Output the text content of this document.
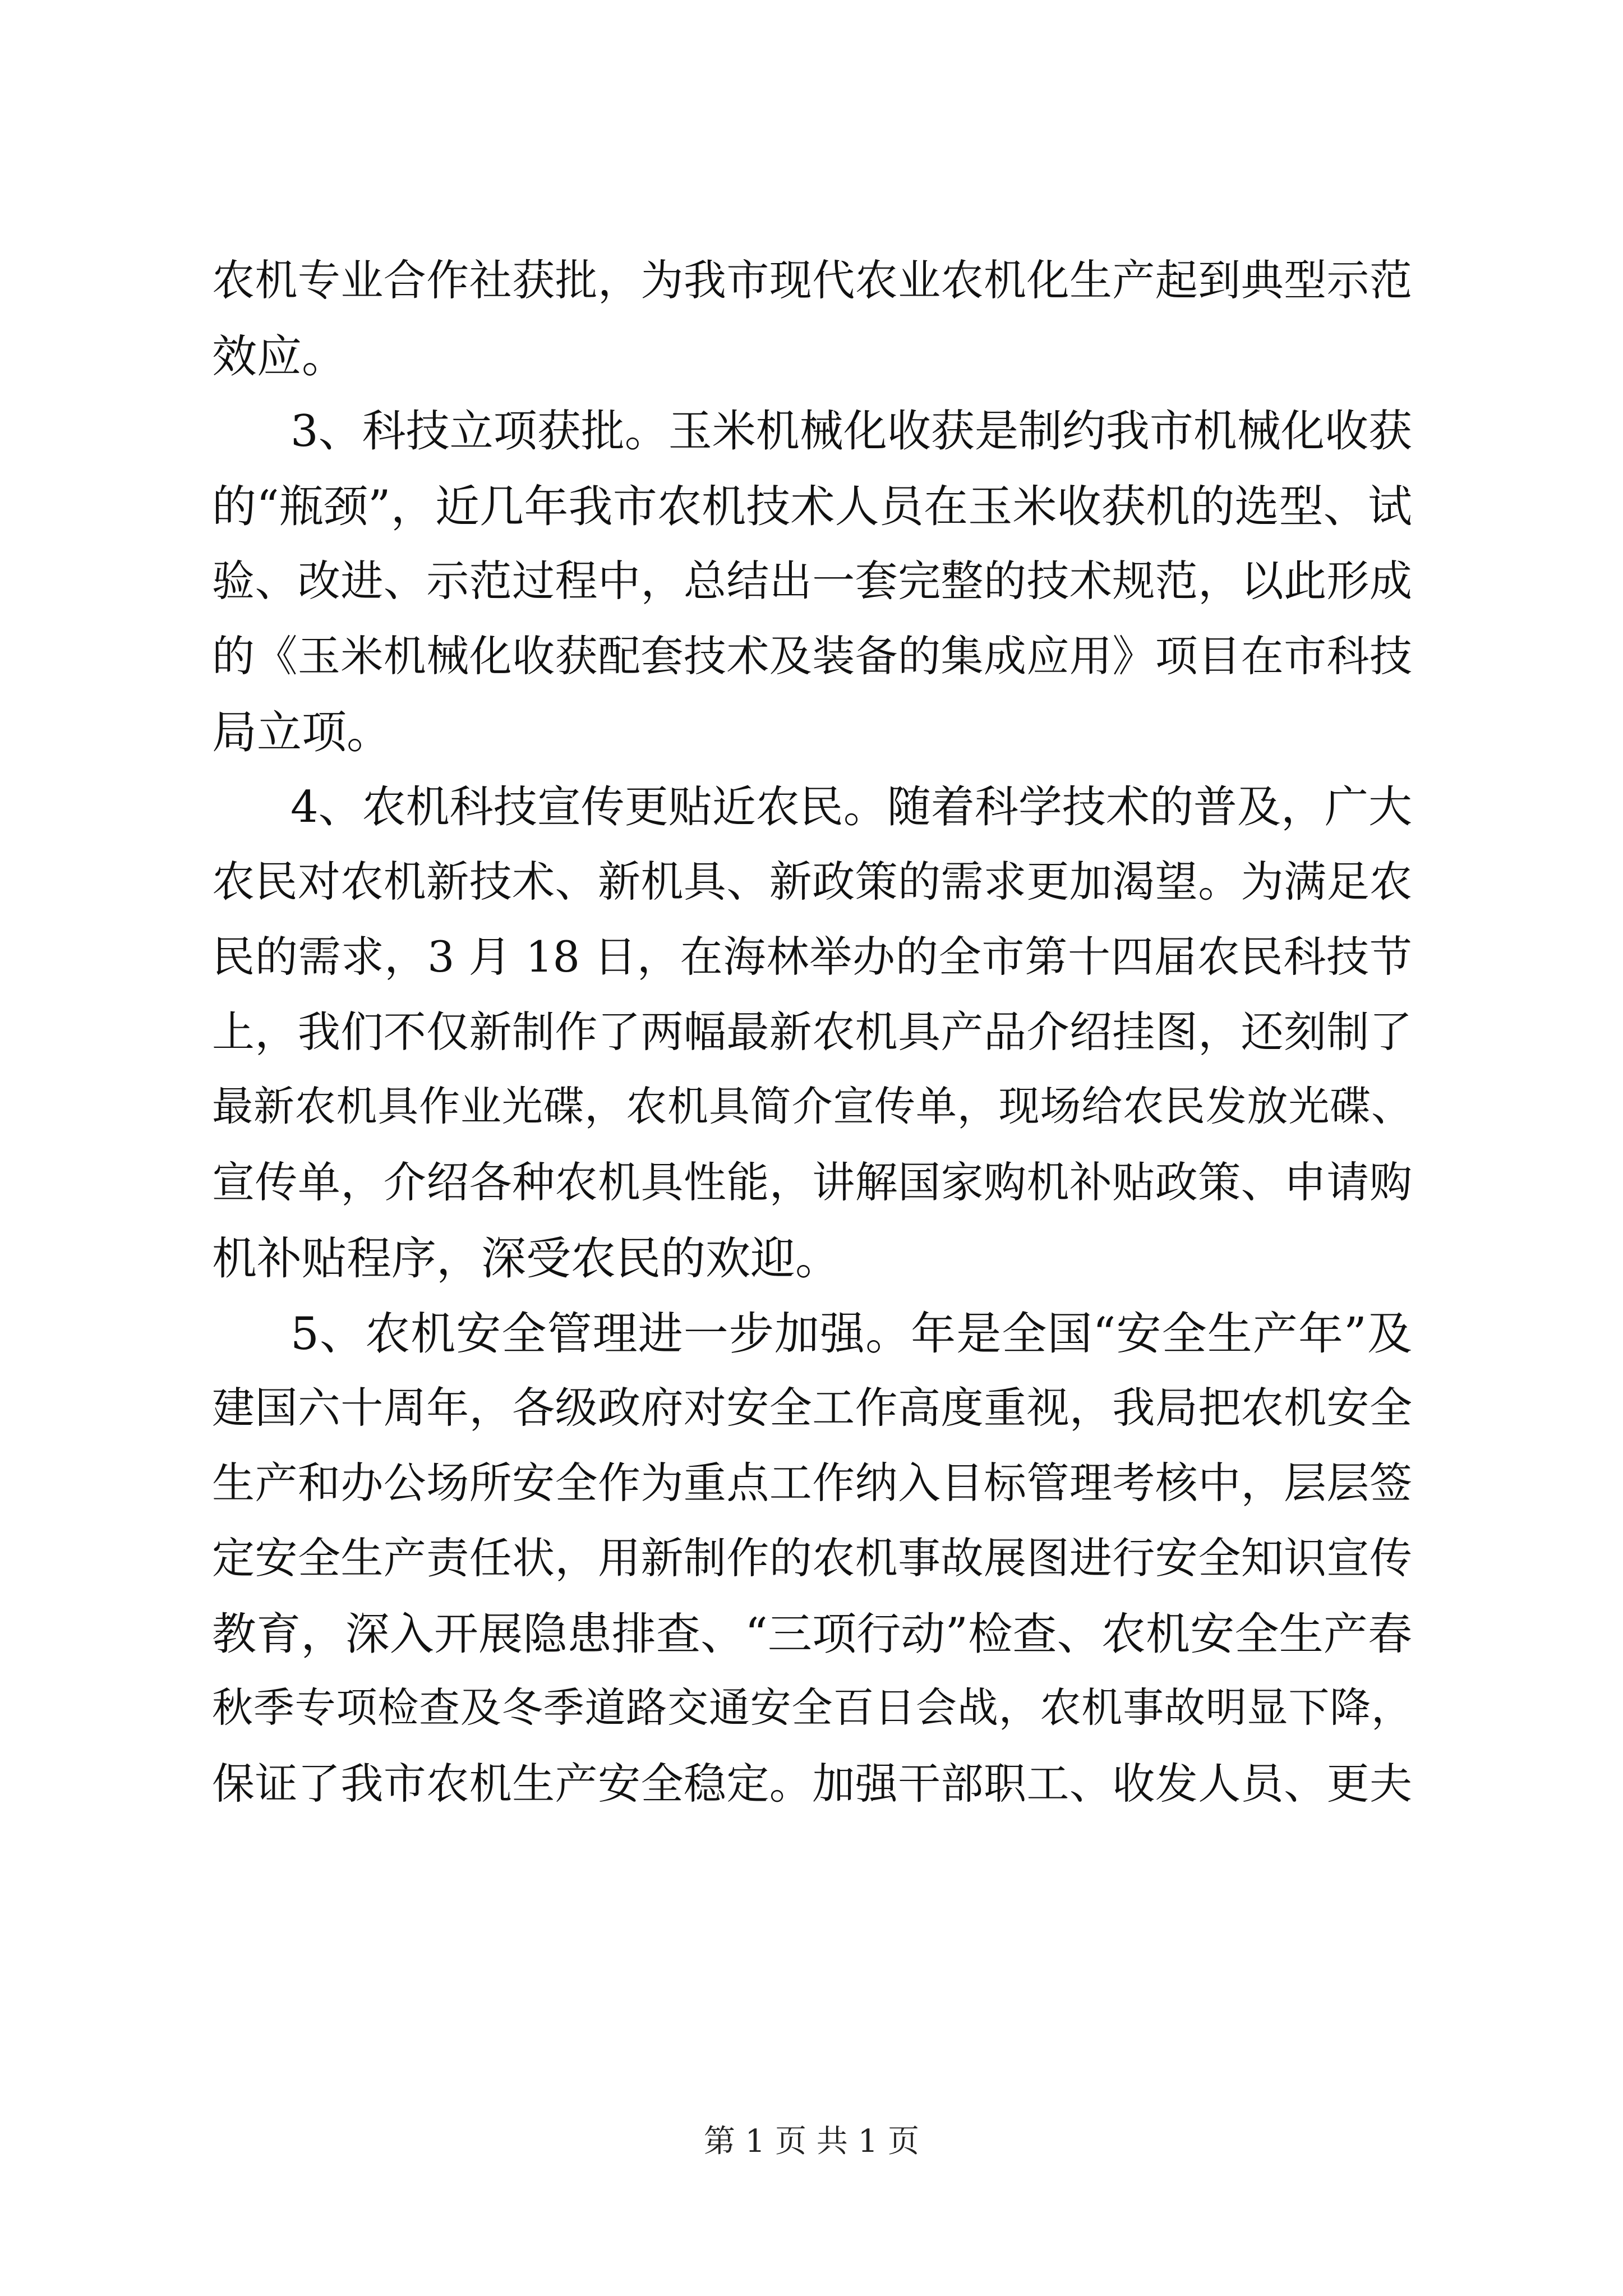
农机专业合作社获批，为我市现代农业农机化生产起到典型示范
效应。
3、科技立项获批。玉米机械化收获是制约我市机械化收获
的“瓶颈”，近几年我市农机技术人员在玉米收获机的选型、试
验、改进、示范过程中，总结出一套完整的技术规范，以此形成
的《玉米机械化收获配套技术及装备的集成应用》项目在市科技
局立项。
4、农机科技宣传更贴近农民。随着科学技术的普及，广大
农民对农机新技术、新机具、新政策的需求更加渴望。为满足农
民的需求，3 月 18 日，在海林举办的全市第十四届农民科技节
上，我们不仅新制作了两幅最新农机具产品介绍挂图，还刻制了
最新农机具作业光碟，农机具简介宣传单，现场给农民发放光碟、
宣传单，介绍各种农机具性能，讲解国家购机补贴政策、申请购
机补贴程序，深受农民的欢迎。
5、农机安全管理进一步加强。年是全国“安全生产年”及
建国六十周年，各级政府对安全工作高度重视，我局把农机安全
生产和办公场所安全作为重点工作纳入目标管理考核中，层层签
定安全生产责任状，用新制作的农机事故展图进行安全知识宣传
教育，深入开展隐患排查、“三项行动”检查、农机安全生产春
秋季专项检查及冬季道路交通安全百日会战，农机事故明显下降，
保证了我市农机生产安全稳定。加强干部职工、收发人员、更夫
第 1 页 共 1 页
